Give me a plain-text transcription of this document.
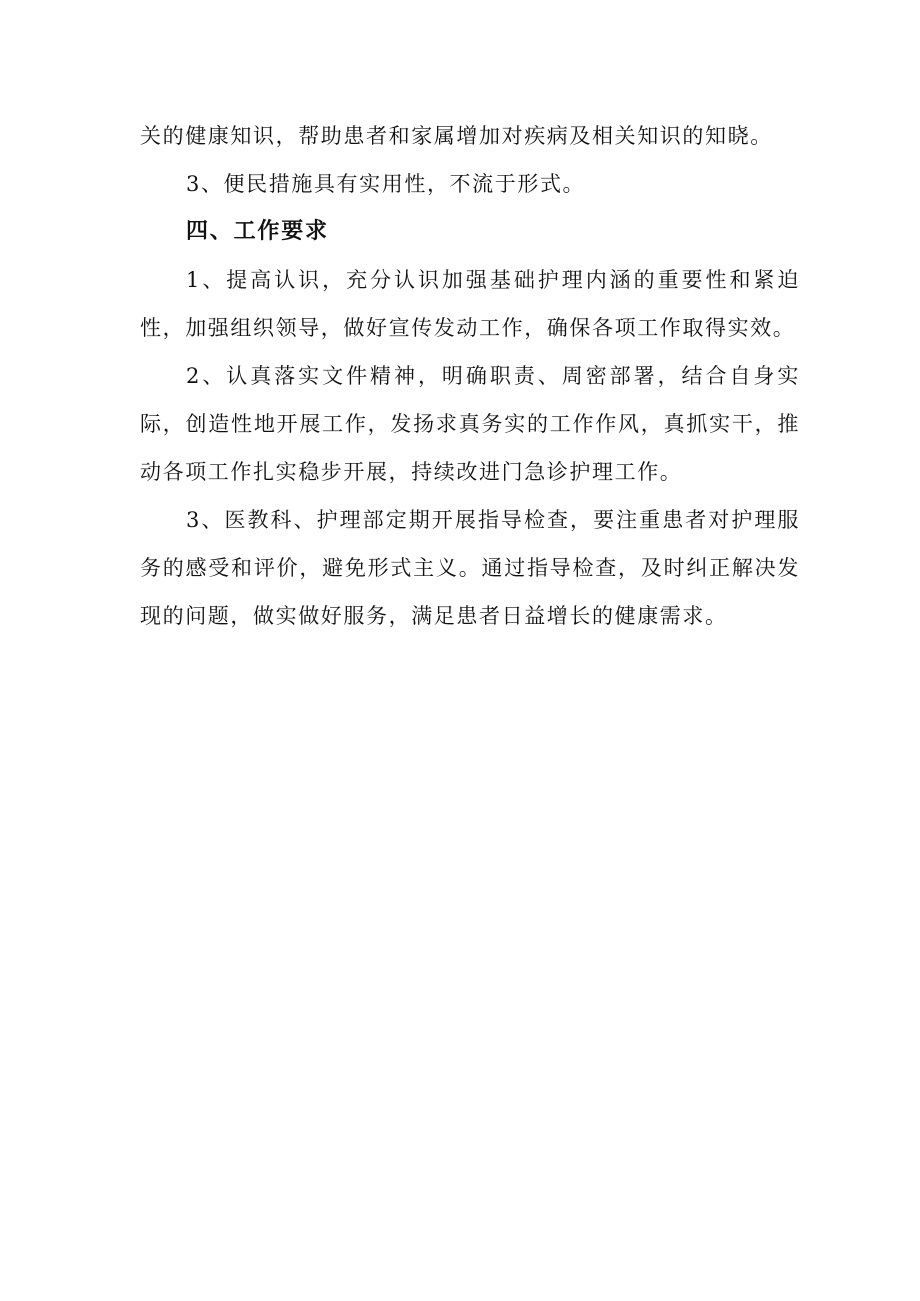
关的健康知识，帮助患者和家属增加对疾病及相关知识的知晓。

3、便民措施具有实用性，不流于形式。

四、工作要求

1、提高认识，充分认识加强基础护理内涵的重要性和紧迫性，加强组织领导，做好宣传发动工作，确保各项工作取得实效。

2、认真落实文件精神，明确职责、周密部署，结合自身实际，创造性地开展工作，发扬求真务实的工作作风，真抓实干，推动各项工作扎实稳步开展，持续改进门急诊护理工作。

3、医教科、护理部定期开展指导检查，要注重患者对护理服务的感受和评价，避免形式主义。通过指导检查，及时纠正解决发现的问题，做实做好服务，满足患者日益增长的健康需求。
